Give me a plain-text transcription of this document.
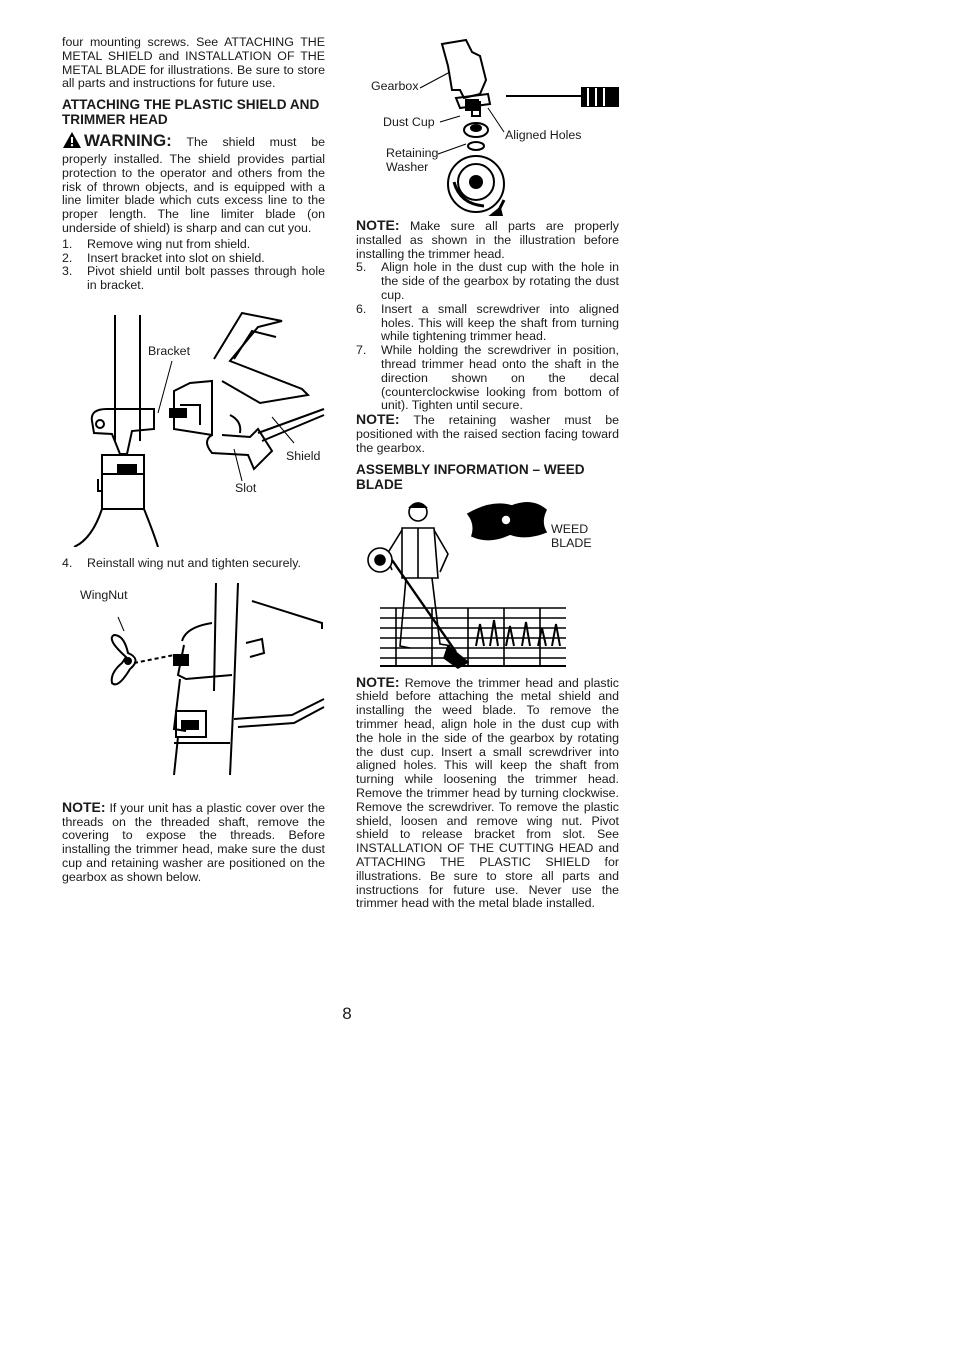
four mounting screws. See ATTACHING THE METAL SHIELD and INSTALLATION OF THE METAL BLADE for illustrations. Be sure to store all parts and instructions for future use.

ATTACHING THE PLASTIC SHIELD AND TRIMMER HEAD

WARNING: The shield must be properly installed. The shield provides partial protection to the operator and others from the risk of thrown objects, and is equipped with a line limiter blade which cuts excess line to the proper length. The line limiter blade (on underside of shield) is sharp and can cut you.

1. Remove wing nut from shield.
2. Insert bracket into slot on shield.
3. Pivot shield until bolt passes through hole in bracket.
Bracket
Shield
Slot
4. Reinstall wing nut and tighten securely.
WingNut

NOTE: If your unit has a plastic cover over the threads on the threaded shaft, remove the covering to expose the threads. Before installing the trimmer head, make sure the dust cup and retaining washer are positioned on the gearbox as shown below.

Gearbox
Dust Cup
Aligned Holes
Retaining
Washer

NOTE: Make sure all parts are properly installed as shown in the illustration before installing the trimmer head.

5. Align hole in the dust cup with the hole in the side of the gearbox by rotating the dust cup.
6. Insert a small screwdriver into aligned holes. This will keep the shaft from turning while tightening trimmer head.
7. While holding the screwdriver in position, thread trimmer head onto the shaft in the direction shown on the decal (counterclockwise looking from bottom of unit). Tighten until secure.

NOTE: The retaining washer must be positioned with the raised section facing toward the gearbox.

ASSEMBLY INFORMATION – WEED BLADE
WEED
BLADE

NOTE: Remove the trimmer head and plastic shield before attaching the metal shield and installing the weed blade. To remove the trimmer head, align hole in the dust cup with the hole in the side of the gearbox by rotating the dust cup. Insert a small screwdriver into aligned holes. This will keep the shaft from turning while loosening the trimmer head. Remove the trimmer head by turning clockwise. Remove the screwdriver. To remove the plastic shield, loosen and remove wing nut. Pivot shield to release bracket from slot. See INSTALLATION OF THE CUTTING HEAD and ATTACHING THE PLASTIC SHIELD for illustrations. Be sure to store all parts and instructions for future use. Never use the trimmer head with the metal blade installed.

8
